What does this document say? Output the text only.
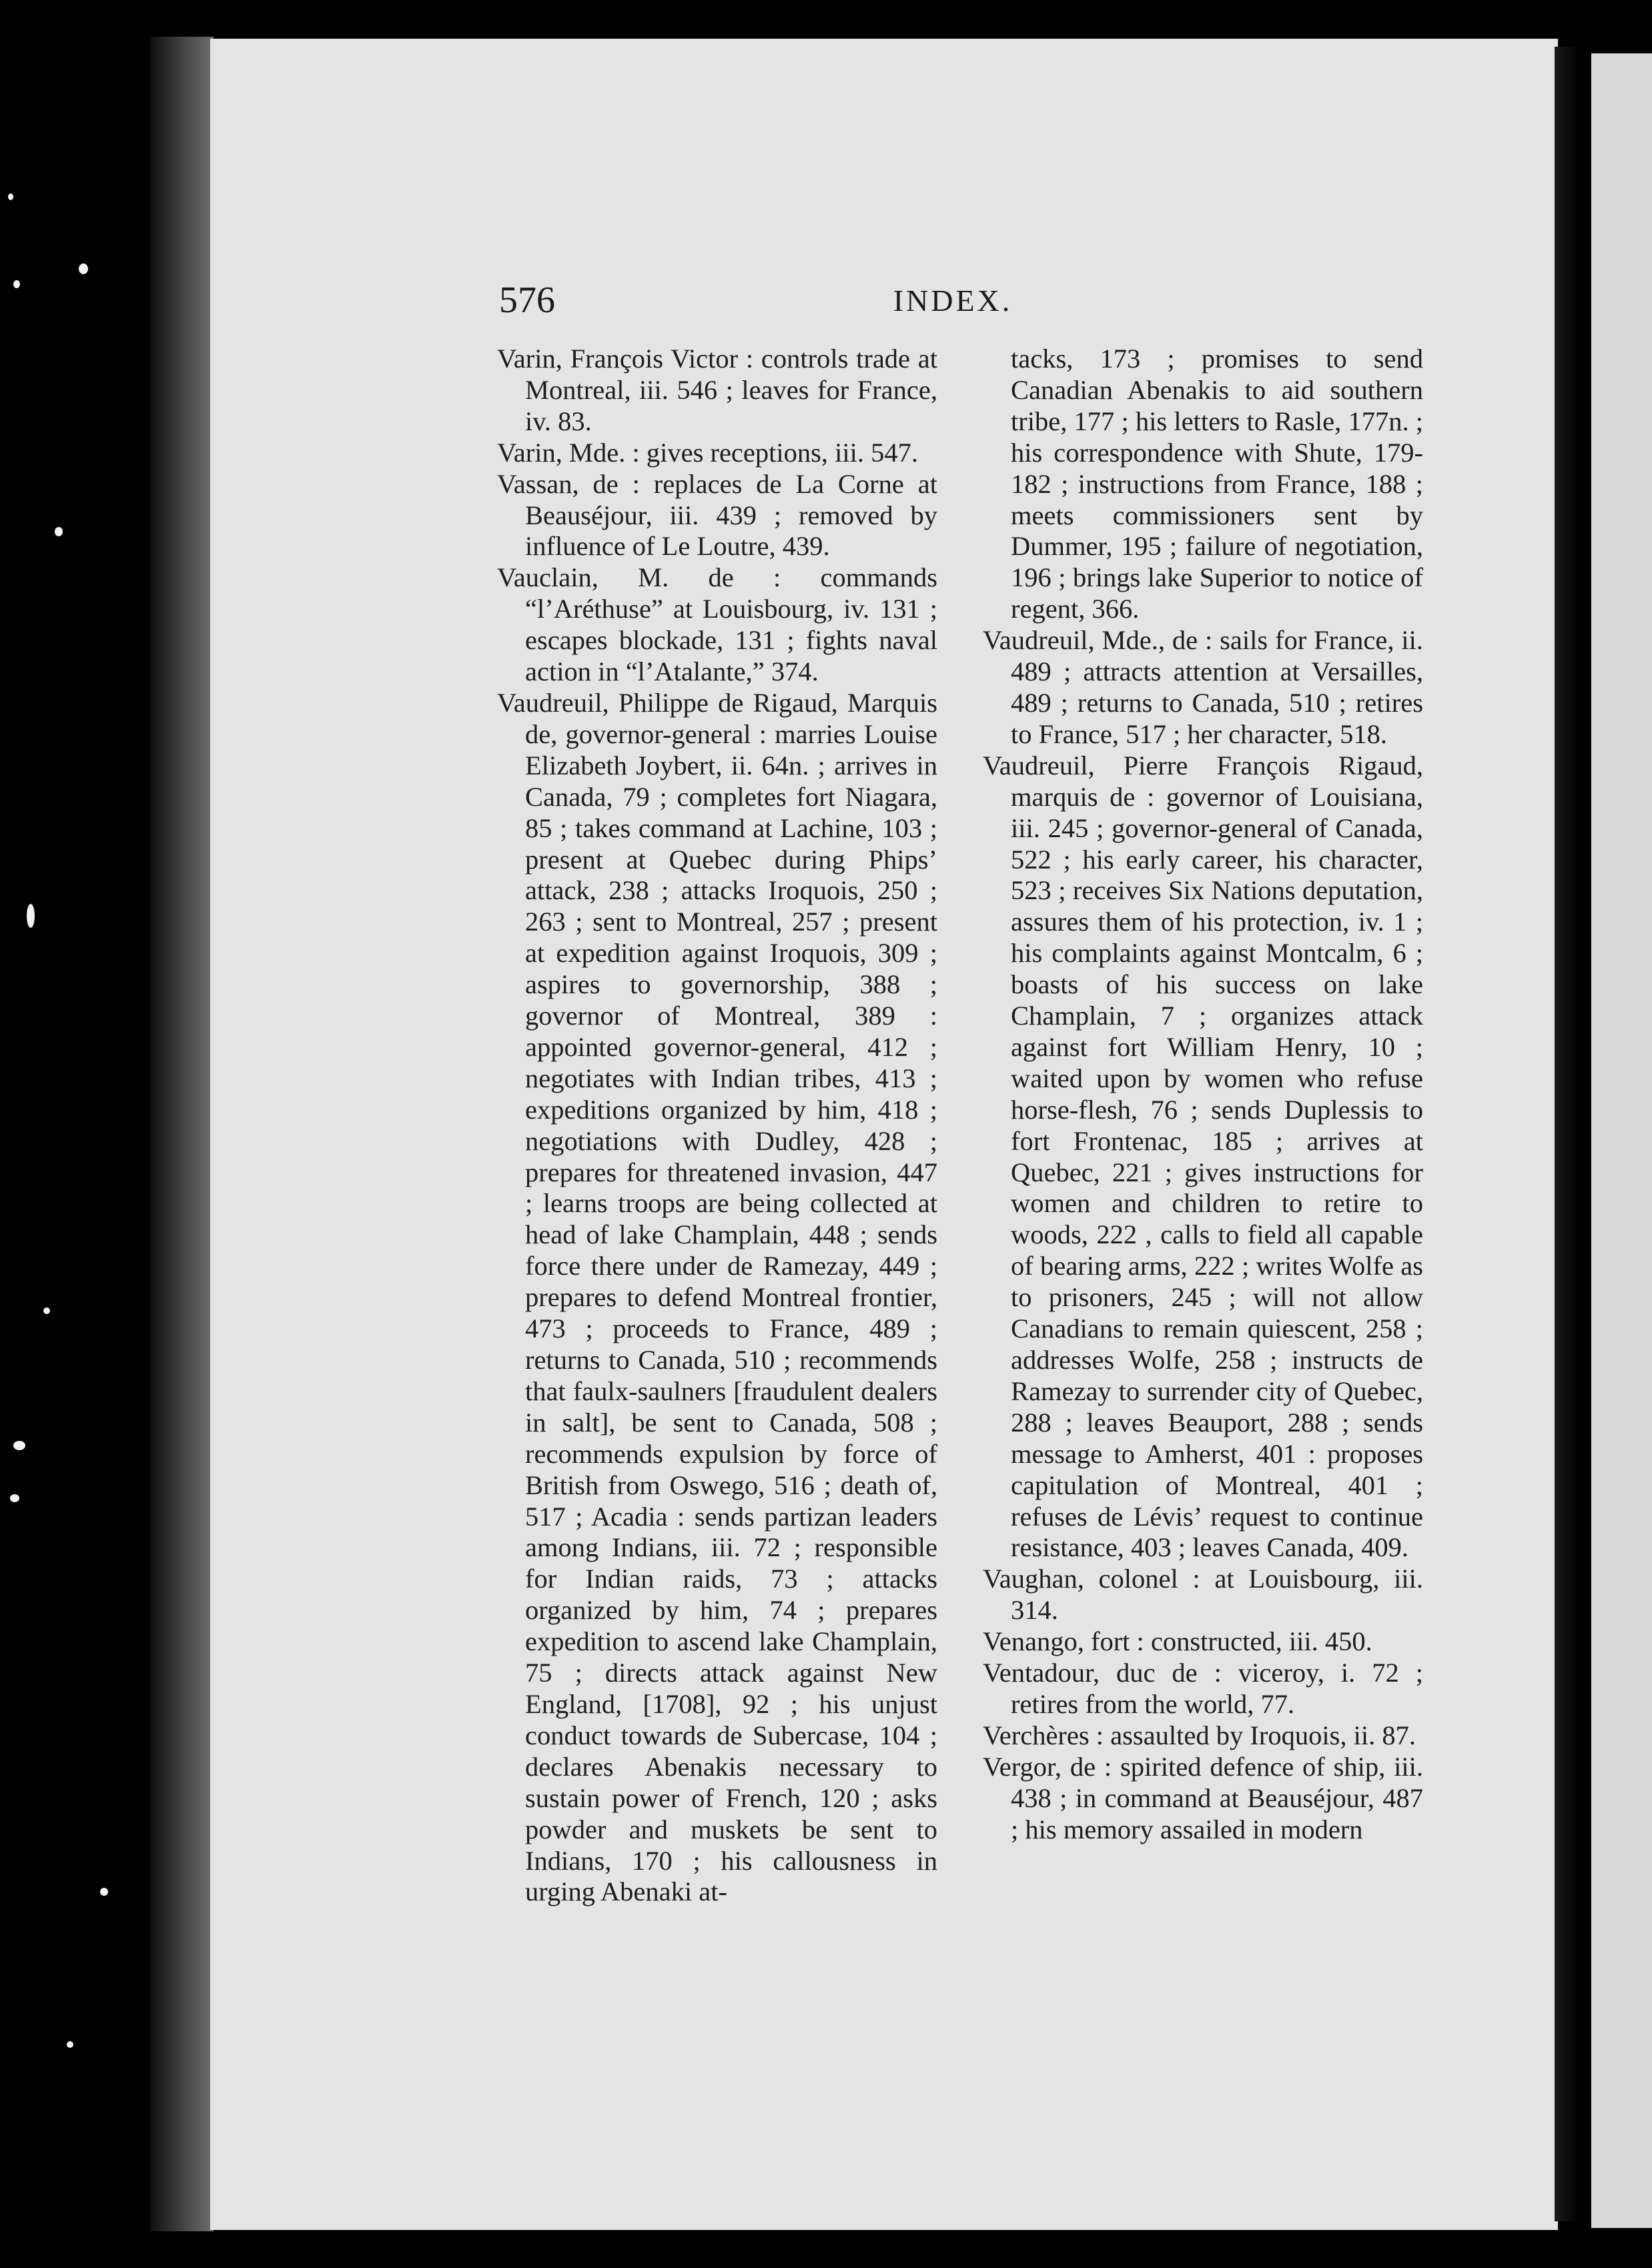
576	INDEX.

Varin, François Victor : controls trade at Montreal, iii. 546 ; leaves for France, iv. 83.

Varin, Mde. : gives receptions, iii. 547.

Vassan, de : replaces de La Corne at Beauséjour, iii. 439 ; removed by influence of Le Loutre, 439.

Vauclain, M. de : commands “l’Aréthuse” at Louisbourg, iv. 131 ; escapes blockade, 131 ; fights naval action in “l’Atalante,” 374.

Vaudreuil, Philippe de Rigaud, Marquis de, governor-general : marries Louise Elizabeth Joybert, ii. 64n. ; arrives in Canada, 79 ; completes fort Niagara, 85 ; takes command at Lachine, 103 ; present at Quebec during Phips’ attack, 238 ; attacks Iroquois, 250 ; 263 ; sent to Montreal, 257 ; present at expedition against Iroquois, 309 ; aspires to governorship, 388 ; governor of Montreal, 389 : appointed governor-general, 412 ; negotiates with Indian tribes, 413 ; expeditions organized by him, 418 ; negotiations with Dudley, 428 ; prepares for threatened invasion, 447 ; learns troops are being collected at head of lake Champlain, 448 ; sends force there under de Ramezay, 449 ; prepares to defend Montreal frontier, 473 ; proceeds to France, 489 ; returns to Canada, 510 ; recommends that faulx-saulners [fraudulent dealers in salt], be sent to Canada, 508 ; recommends expulsion by force of British from Oswego, 516 ; death of, 517 ; Acadia : sends partizan leaders among Indians, iii. 72 ; responsible for Indian raids, 73 ; attacks organized by him, 74 ; prepares expedition to ascend lake Champlain, 75 ; directs attack against New England, [1708], 92 ; his unjust conduct towards de Subercase, 104 ; declares Abenakis necessary to sustain power of French, 120 ; asks powder and muskets be sent to Indians, 170 ; his callousness in urging Abenaki at-

tacks, 173 ; promises to send Canadian Abenakis to aid southern tribe, 177 ; his letters to Rasle, 177n. ; his correspondence with Shute, 179-182 ; instructions from France, 188 ; meets commissioners sent by Dummer, 195 ; failure of negotiation, 196 ; brings lake Superior to notice of regent, 366.

Vaudreuil, Mde., de : sails for France, ii. 489 ; attracts attention at Versailles, 489 ; returns to Canada, 510 ; retires to France, 517 ; her character, 518.

Vaudreuil, Pierre François Rigaud, marquis de : governor of Louisiana, iii. 245 ; governor-general of Canada, 522 ; his early career, his character, 523 ; receives Six Nations deputation, assures them of his protection, iv. 1 ; his complaints against Montcalm, 6 ; boasts of his success on lake Champlain, 7 ; organizes attack against fort William Henry, 10 ; waited upon by women who refuse horse-flesh, 76 ; sends Duplessis to fort Frontenac, 185 ; arrives at Quebec, 221 ; gives instructions for women and children to retire to woods, 222 , calls to field all capable of bearing arms, 222 ; writes Wolfe as to prisoners, 245 ; will not allow Canadians to remain quiescent, 258 ; addresses Wolfe, 258 ; instructs de Ramezay to surrender city of Quebec, 288 ; leaves Beauport, 288 ; sends message to Amherst, 401 : proposes capitulation of Montreal, 401 ; refuses de Lévis’ request to continue resistance, 403 ; leaves Canada, 409.

Vaughan, colonel : at Louisbourg, iii. 314.

Venango, fort : constructed, iii. 450.

Ventadour, duc de : viceroy, i. 72 ; retires from the world, 77.

Verchères : assaulted by Iroquois, ii. 87.

Vergor, de : spirited defence of ship, iii. 438 ; in command at Beauséjour, 487 ; his memory assailed in modern
